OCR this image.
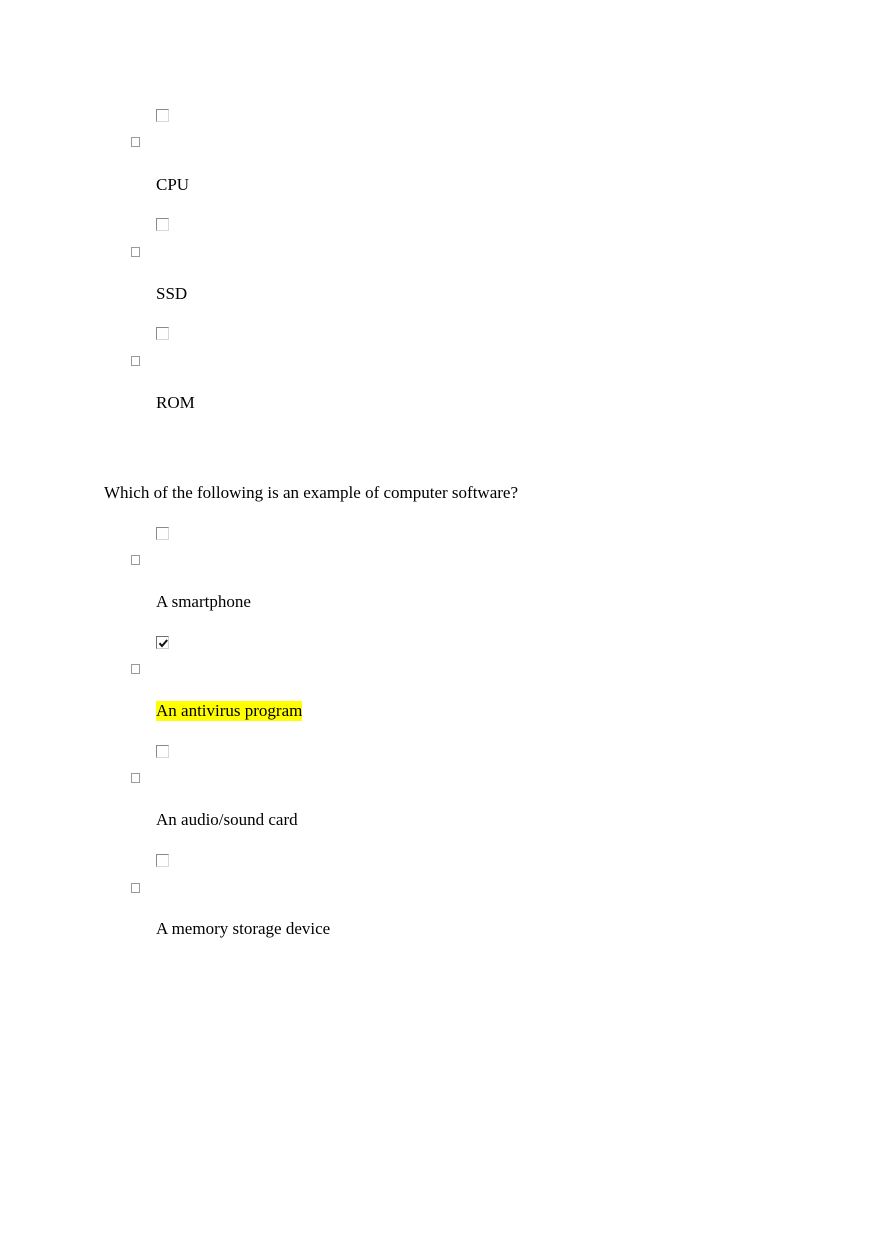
CPU
SSD
ROM
Which of the following is an example of computer software?
A smartphone
An antivirus program
An audio/sound card
A memory storage device
